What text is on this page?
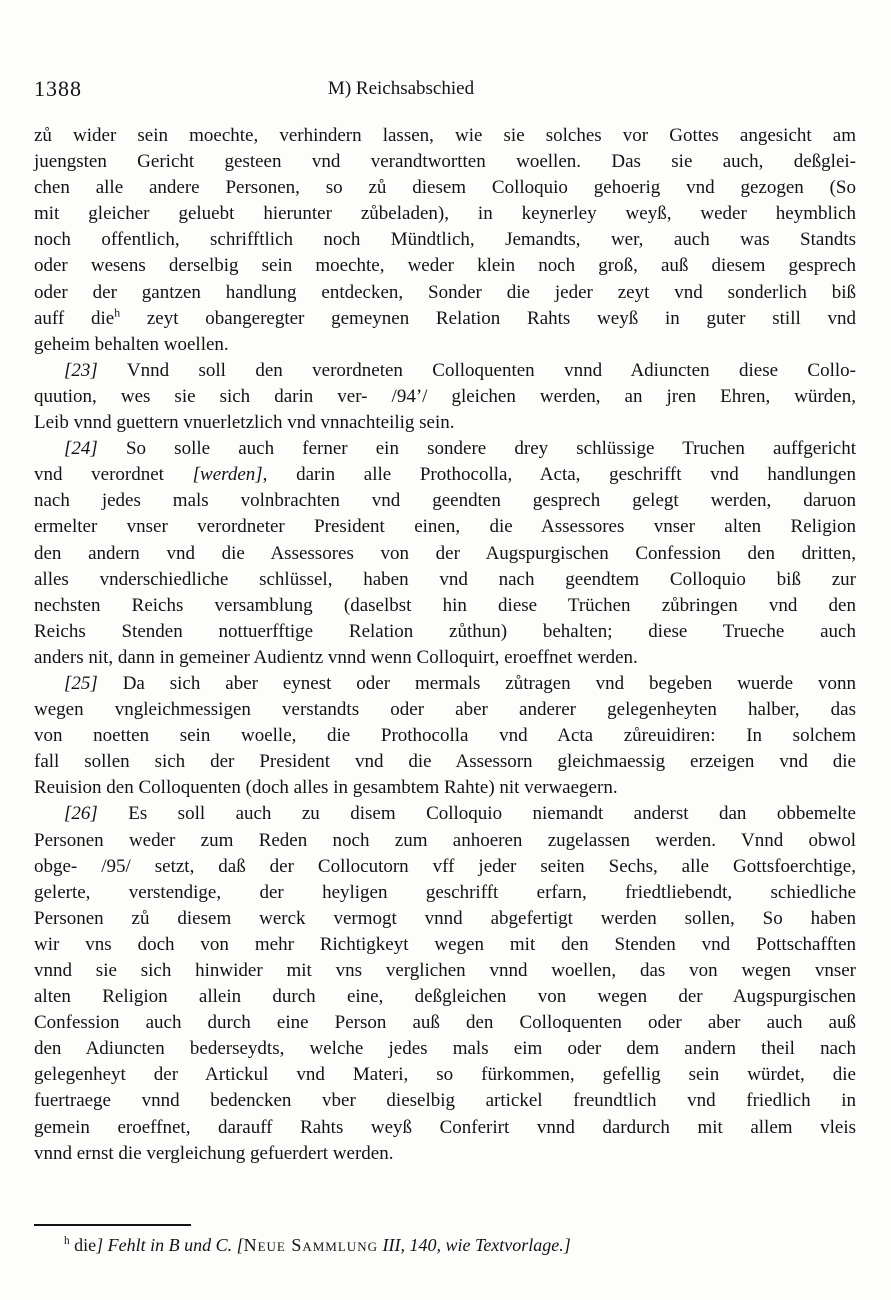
1388	M) Reichsabschied
zů wider sein moechte, verhindern lassen, wie sie solches vor Gottes angesicht am
juengsten Gericht gesteen vnd verandtwortten woellen. Das sie auch, deßglei-
chen alle andere Personen, so zů diesem Colloquio gehoerig vnd gezogen (So
mit gleicher geluebt hierunter zůbeladen), in keynerley weyß, weder heymblich
noch offentlich, schrifftlich noch Mündtlich, Jemandts, wer, auch was Standts
oder wesens derselbig sein moechte, weder klein noch groß, auß diesem gesprech
oder der gantzen handlung entdecken, Sonder die jeder zeyt vnd sonderlich biß
auff die$^h$ zeyt obangeregter gemeynen Relation Rahts weyß in guter still vnd
geheim behalten woellen.
[23] Vnnd soll den verordneten Colloquenten vnnd Adiuncten diese Collo-
quution, wes sie sich darin ver- /94’/ gleichen werden, an jren Ehren, würden,
Leib vnnd guettern vnuerletzlich vnd vnnachteilig sein.
[24] So solle auch ferner ein sondere drey schlüssige Truchen auffgericht
vnd verordnet [werden], darin alle Prothocolla, Acta, geschrifft vnd handlungen
nach jedes mals volnbrachten vnd geendten gesprech gelegt werden, daruon
ermelter vnser verordneter President einen, die Assessores vnser alten Religion
den andern vnd die Assessores von der Augspurgischen Confession den dritten,
alles vnderschiedliche schlüssel, haben vnd nach geendtem Colloquio biß zur
nechsten Reichs versamblung (daselbst hin diese Trüchen zůbringen vnd den
Reichs Stenden nottuerfftige Relation zůthun) behalten; diese Trueche auch
anders nit, dann in gemeiner Audientz vnnd wenn Colloquirt, eroeffnet werden.
[25] Da sich aber eynest oder mermals zůtragen vnd begeben wuerde vonn
wegen vngleichmessigen verstandts oder aber anderer gelegenheyten halber, das
von noetten sein woelle, die Prothocolla vnd Acta zůreuidiren: In solchem
fall sollen sich der President vnd die Assessorn gleichmaessig erzeigen vnd die
Reuision den Colloquenten (doch alles in gesambtem Rahte) nit verwaegern.
[26] Es soll auch zu disem Colloquio niemandt anderst dan obbemelte
Personen weder zum Reden noch zum anhoeren zugelassen werden. Vnnd obwol
obge- /95/ setzt, daß der Collocutorn vff jeder seiten Sechs, alle Gottsfoerchtige,
gelerte, verstendige, der heyligen geschrifft erfarn, friedtliebendt, schiedliche
Personen zů diesem werck vermogt vnnd abgefertigt werden sollen, So haben
wir vns doch von mehr Richtigkeyt wegen mit den Stenden vnd Pottschafften
vnnd sie sich hinwider mit vns verglichen vnnd woellen, das von wegen vnser
alten Religion allein durch eine, deßgleichen von wegen der Augspurgischen
Confession auch durch eine Person auß den Colloquenten oder aber auch auß
den Adiuncten bederseydts, welche jedes mals eim oder dem andern theil nach
gelegenheyt der Artickul vnd Materi, so fürkommen, gefellig sein würdet, die
fuertraege vnnd bedencken vber dieselbig artickel freundtlich vnd friedlich in
gemein eroeffnet, darauff Rahts weyß Conferirt vnnd dardurch mit allem vleis
vnnd ernst die vergleichung gefuerdert werden.
$^h$ die] Fehlt in B und C. [Neue Sammlung III, 140, wie Textvorlage.]
